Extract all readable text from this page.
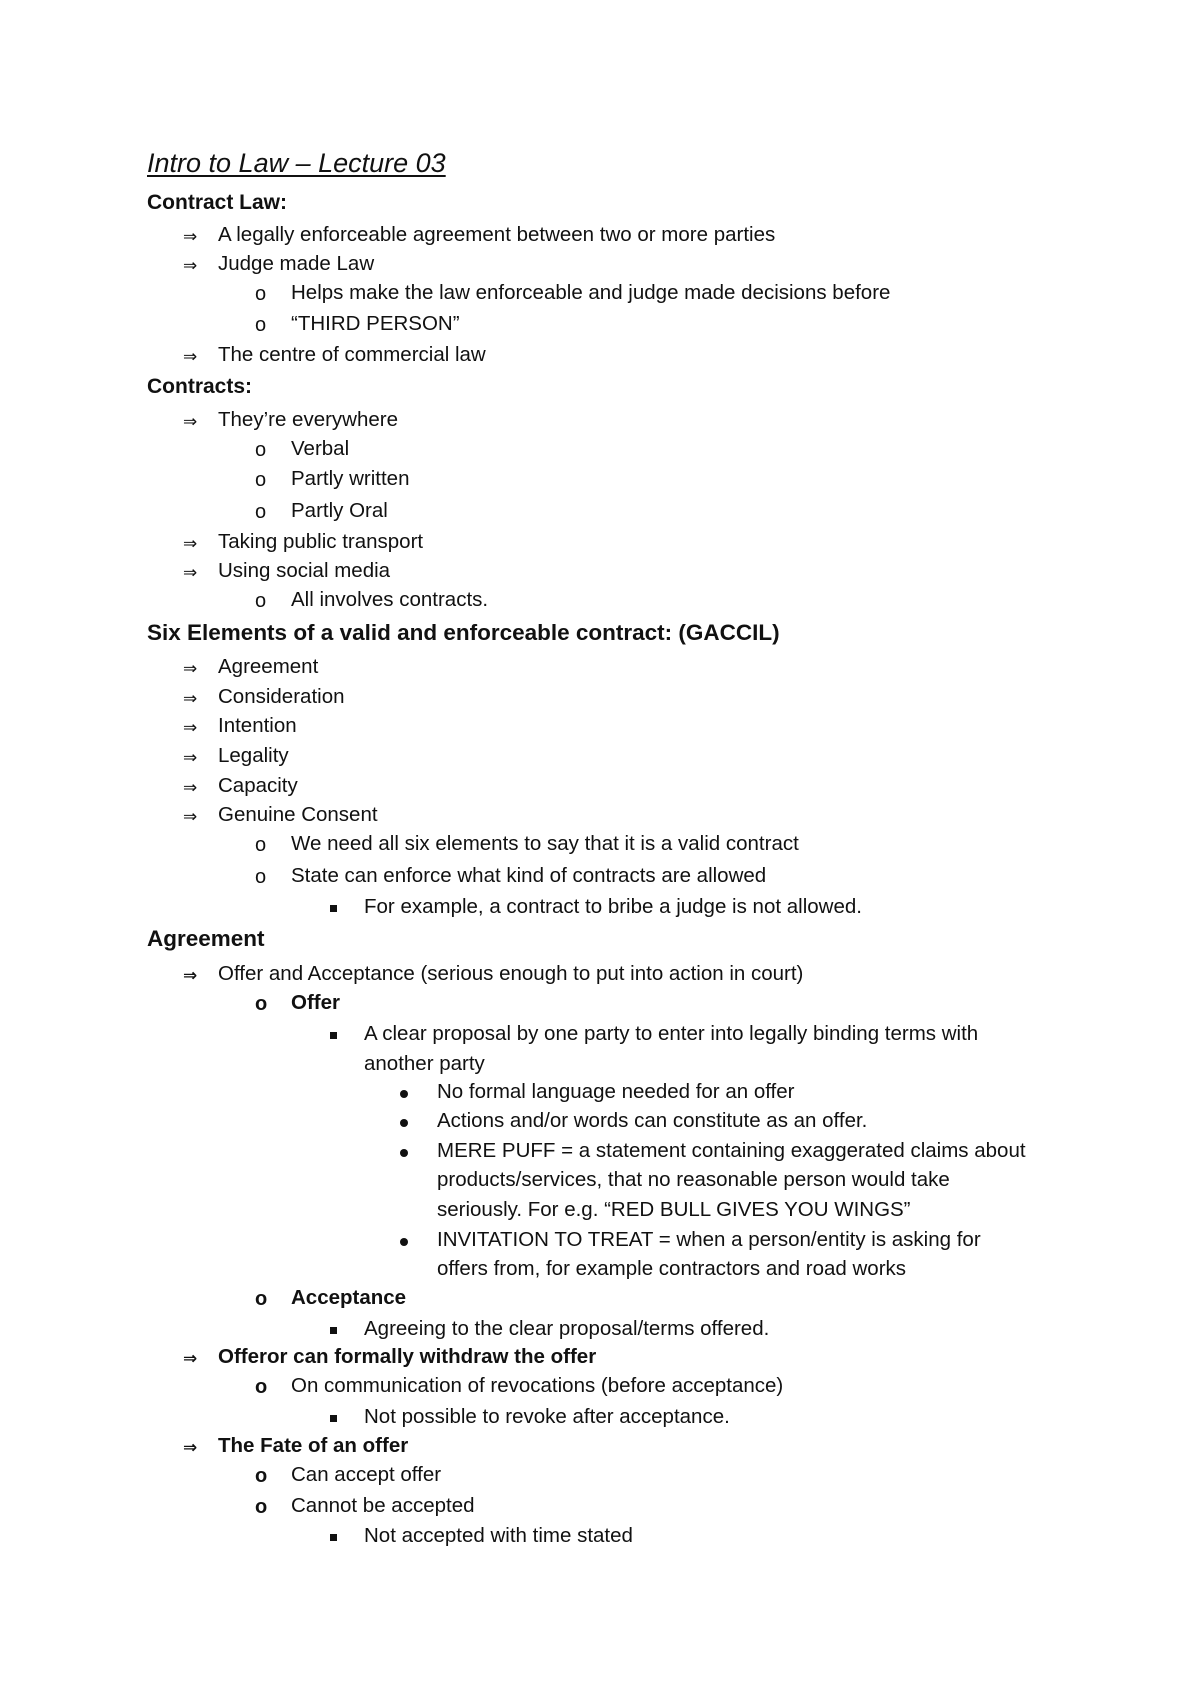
Intro to Law – Lecture 03
Contract Law:
⇒ A legally enforceable agreement between two or more parties
⇒ Judge made Law
o Helps make the law enforceable and judge made decisions before
o “THIRD PERSON”
⇒ The centre of commercial law
Contracts:
⇒ They’re everywhere
o Verbal
o Partly written
o Partly Oral
⇒ Taking public transport
⇒ Using social media
o All involves contracts.
Six Elements of a valid and enforceable contract: (GACCIL)
⇒ Agreement
⇒ Consideration
⇒ Intention
⇒ Legality
⇒ Capacity
⇒ Genuine Consent
o We need all six elements to say that it is a valid contract
o State can enforce what kind of contracts are allowed
For example, a contract to bribe a judge is not allowed.
Agreement
⇒ Offer and Acceptance (serious enough to put into action in court)
o Offer
A clear proposal by one party to enter into legally binding terms with
another party
No formal language needed for an offer
Actions and/or words can constitute as an offer.
MERE PUFF = a statement containing exaggerated claims about
products/services, that no reasonable person would take
seriously. For e.g. “RED BULL GIVES YOU WINGS”
INVITATION TO TREAT = when a person/entity is asking for
offers from, for example contractors and road works
o Acceptance
Agreeing to the clear proposal/terms offered.
⇒ Offeror can formally withdraw the offer
o On communication of revocations (before acceptance)
Not possible to revoke after acceptance.
⇒ The Fate of an offer
o Can accept offer
o Cannot be accepted
Not accepted with time stated
